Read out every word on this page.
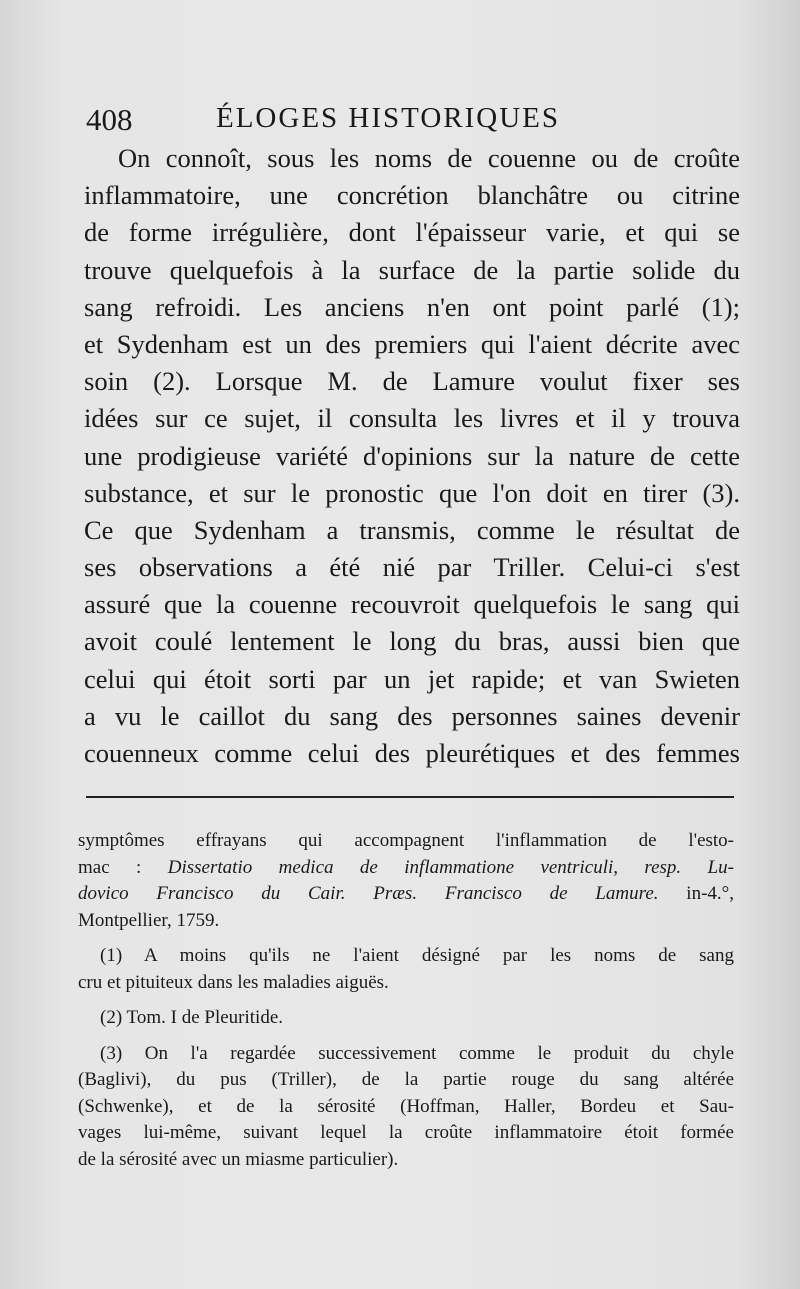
408	ÉLOGES HISTORIQUES
On connoît, sous les noms de couenne ou de croûte
inflammatoire, une concrétion blanchâtre ou citrine
de forme irrégulière, dont l'épaisseur varie, et qui se
trouve quelquefois à la surface de la partie solide du
sang refroidi. Les anciens n'en ont point parlé (1);
et Sydenham est un des premiers qui l'aient décrite avec
soin (2). Lorsque M. de Lamure voulut fixer ses
idées sur ce sujet, il consulta les livres et il y trouva
une prodigieuse variété d'opinions sur la nature de cette
substance, et sur le pronostic que l'on doit en tirer (3).
Ce que Sydenham a transmis, comme le résultat de
ses observations a été nié par Triller. Celui-ci s'est
assuré que la couenne recouvroit quelquefois le sang qui
avoit coulé lentement le long du bras, aussi bien que
celui qui étoit sorti par un jet rapide; et van Swieten
a vu le caillot du sang des personnes saines devenir
couenneux comme celui des pleurétiques et des femmes
symptômes effrayans qui accompagnent l'inflammation de l'esto-
mac : Dissertatio medica de inflammatione ventriculi, resp. Lu-
dovico Francisco du Cair. Præs. Francisco de Lamure. in-4.°,
Montpellier, 1759.
(1) A moins qu'ils ne l'aient désigné par les noms de sang
cru et pituiteux dans les maladies aiguës.
(2) Tom. I de Pleuritide.
(3) On l'a regardée successivement comme le produit du chyle
(Baglivi), du pus (Triller), de la partie rouge du sang altérée
(Schwenke), et de la sérosité (Hoffman, Haller, Bordeu et Sau-
vages lui-même, suivant lequel la croûte inflammatoire étoit formée
de la sérosité avec un miasme particulier).
